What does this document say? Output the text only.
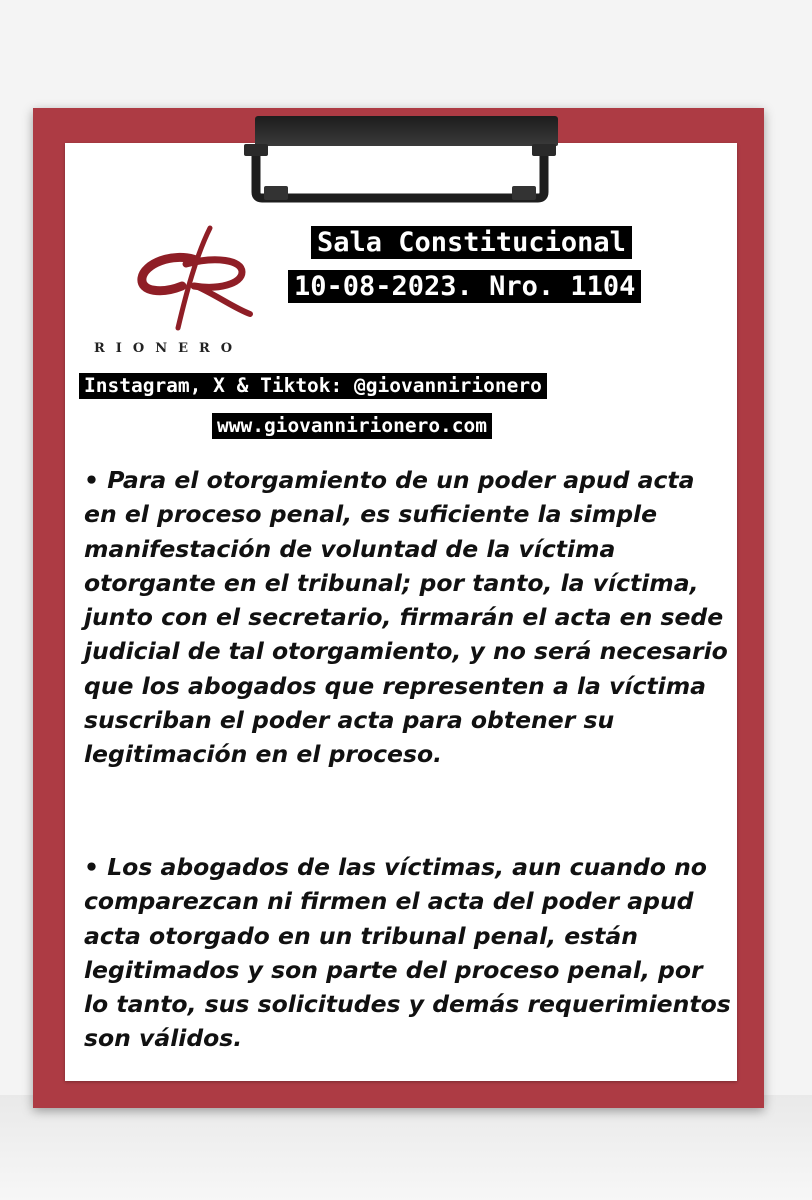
RIONERO
Sala Constitucional
10-08-2023. Nro. 1104
Instagram, X & Tiktok: @giovannirionero
www.giovannirionero.com

• Para el otorgamiento de un poder apud acta en el proceso penal, es suficiente la simple manifestación de voluntad de la víctima otorgante en el tribunal; por tanto, la víctima, junto con el secretario, firmarán el acta en sede judicial de tal otorgamiento, y no será necesario que los abogados que representen a la víctima suscriban el poder acta para obtener su legitimación en el proceso.

• Los abogados de las víctimas, aun cuando no comparezcan ni firmen el acta del poder apud acta otorgado en un tribunal penal, están legitimados y son parte del proceso penal, por lo tanto, sus solicitudes y demás requerimientos son válidos.
